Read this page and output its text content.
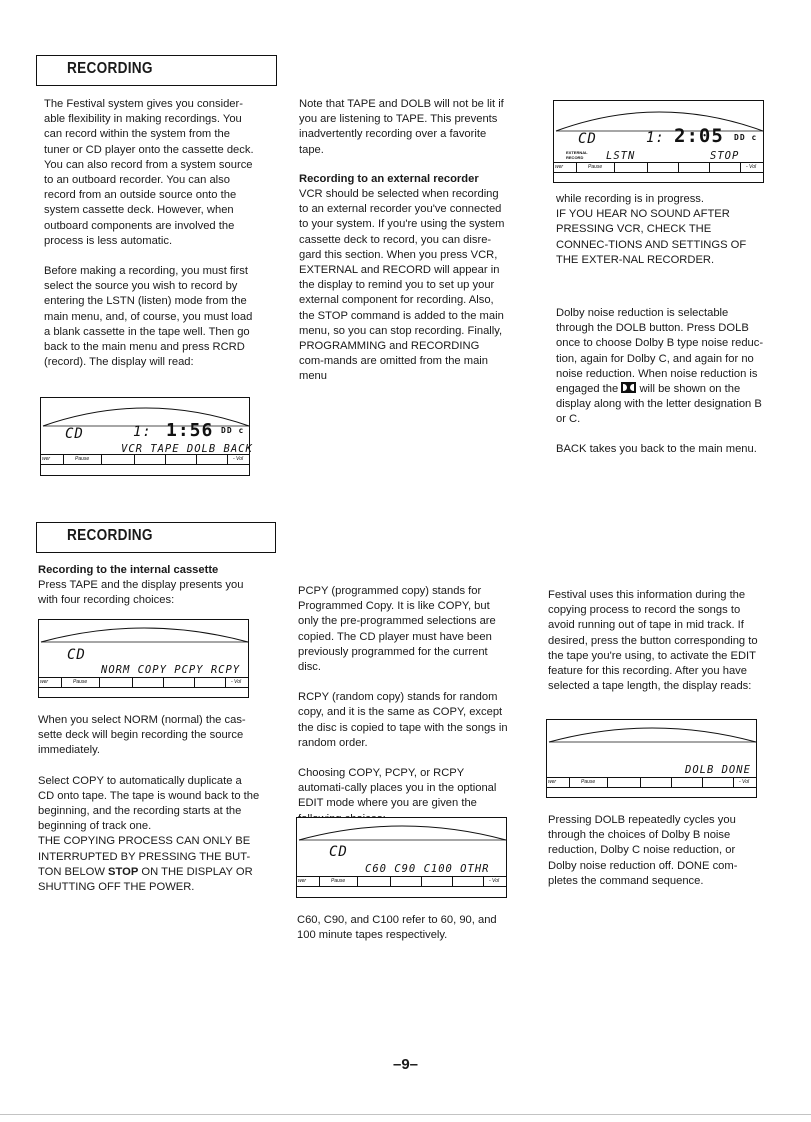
RECORDING

The Festival system gives you consider-able flexibility in making recordings. You can record within the system from the tuner or CD player onto the cassette deck. You can also record from a system source to an outboard recorder. You can also record from an outside source onto the system cassette deck. However, when outboard components are involved the process is less automatic.

Before making a recording, you must first select the source you wish to record by entering the LSTN (listen) mode from the main menu, and, of course, you must load a blank cassette in the tape well. Then go back to the main menu and press RCRD (record). The display will read:

CD	1: 1:56 DD c
VCR TAPE DOLB BACK
wer	Pause	- Vol

Note that TAPE and DOLB will not be lit if you are listening to TAPE. This prevents inadvertently recording over a favorite tape.

Recording to an external recorder

VCR should be selected when recording to an external recorder you've connected to your system. If you're using the system cassette deck to record, you can disre-gard this section. When you press VCR, EXTERNAL and RECORD will appear in the display to remind you to set up your external component for recording. Also, the STOP command is added to the main menu, so you can stop recording. Finally, PROGRAMMING and RECORDING com-mands are omitted from the main menu

CD	1: 2:05 DD c
EXTERNAL
RECORD LSTN	STOP
wer	Pause	- Vol

while recording is in progress.
IF YOU HEAR NO SOUND AFTER PRESSING VCR, CHECK THE CONNEC-TIONS AND SETTINGS OF THE EXTER-NAL RECORDER.

Dolby noise reduction is selectable through the DOLB button. Press DOLB once to choose Dolby B type noise reduc-tion, again for Dolby C, and again for no noise reduction. When noise reduction is engaged the will be shown on the display along with the letter designation B or C.

BACK takes you back to the main menu.

RECORDING

Recording to the internal cassette

Press TAPE and the display presents you with four recording choices:

CD
NORM COPY PCPY RCPY
wer	Pause	- Vol

When you select NORM (normal) the cas-sette deck will begin recording the source immediately.

Select COPY to automatically duplicate a CD onto tape. The tape is wound back to the beginning, and the recording starts at the beginning of track one.

THE COPYING PROCESS CAN ONLY BE INTERRUPTED BY PRESSING THE BUT-TON BELOW STOP ON THE DISPLAY OR SHUTTING OFF THE POWER.

PCPY (programmed copy) stands for Programmed Copy. It is like COPY, but only the pre-programmed selections are copied. The CD player must have been previously programmed for the current disc.

RCPY (random copy) stands for random copy, and it is the same as COPY, except the disc is copied to tape with the songs in random order.

Choosing COPY, PCPY, or RCPY automati-cally places you in the optional EDIT mode where you are given the

CD
C60 C90 C100 OTHR
wer	Pause	- Vol

C60, C90, and C100 refer to 60, 90, and 100 minute tapes respectively.

Festival uses this information during the copying process to record the songs to avoid running out of tape in mid track. If desired, press the button corresponding to the tape you're using, to activate the EDIT feature for this recording. After you have selected a tape length, the display reads:

DOLB DONE
wer	Pause	- Vol

Pressing DOLB repeatedly cycles you through the choices of Dolby B noise reduction, Dolby C noise reduction, or Dolby noise reduction off. DONE com-pletes the command sequence.

–9–
